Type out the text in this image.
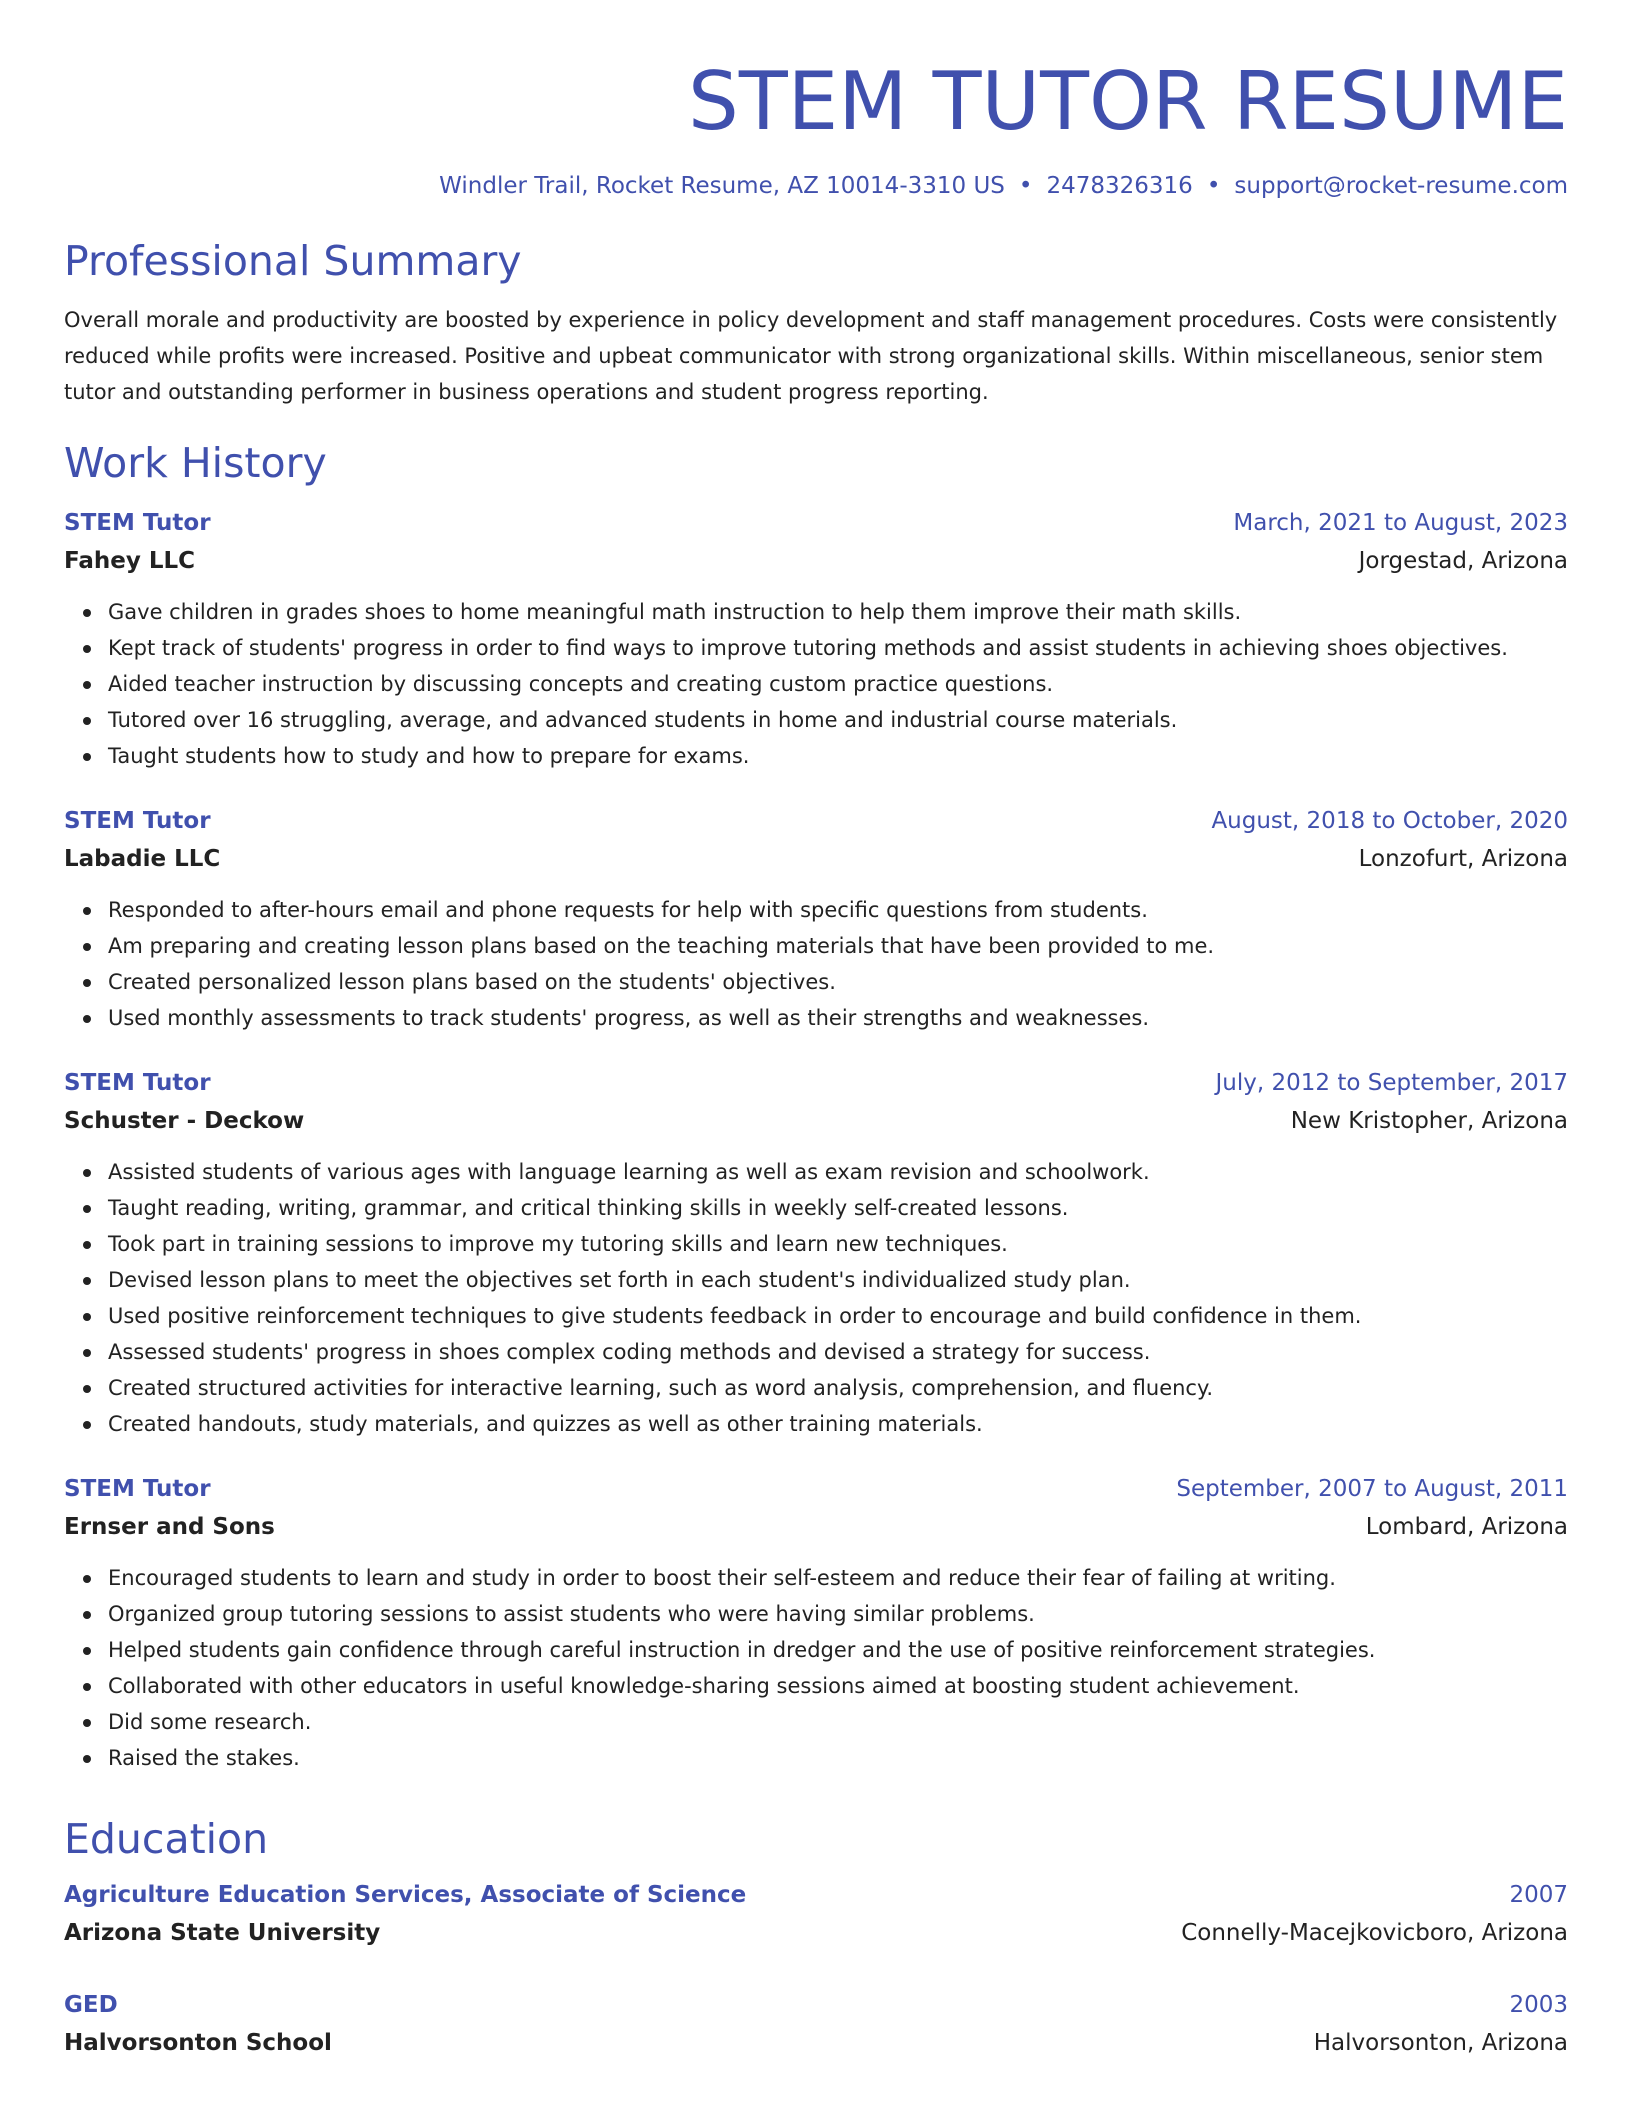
STEM TUTOR RESUME
Windler Trail, Rocket Resume, AZ 10014-3310 US • 2478326316 • support@rocket-resume.com
Professional Summary

Overall morale and productivity are boosted by experience in policy development and staff management procedures. Costs were consistently reduced while profits were increased. Positive and upbeat communicator with strong organizational skills. Within miscellaneous, senior stem tutor and outstanding performer in business operations and student progress reporting.

Work History
STEM Tutor	March, 2021 to August, 2023
Fahey LLC	Jorgestad, Arizona
Gave children in grades shoes to home meaningful math instruction to help them improve their math skills.
Kept track of students' progress in order to find ways to improve tutoring methods and assist students in achieving shoes objectives.
Aided teacher instruction by discussing concepts and creating custom practice questions.
Tutored over 16 struggling, average, and advanced students in home and industrial course materials.
Taught students how to study and how to prepare for exams.
STEM Tutor	August, 2018 to October, 2020
Labadie LLC	Lonzofurt, Arizona
Responded to after-hours email and phone requests for help with specific questions from students.
Am preparing and creating lesson plans based on the teaching materials that have been provided to me.
Created personalized lesson plans based on the students' objectives.
Used monthly assessments to track students' progress, as well as their strengths and weaknesses.
STEM Tutor	July, 2012 to September, 2017
Schuster - Deckow	New Kristopher, Arizona
Assisted students of various ages with language learning as well as exam revision and schoolwork.
Taught reading, writing, grammar, and critical thinking skills in weekly self-created lessons.
Took part in training sessions to improve my tutoring skills and learn new techniques.
Devised lesson plans to meet the objectives set forth in each student's individualized study plan.
Used positive reinforcement techniques to give students feedback in order to encourage and build confidence in them.
Assessed students' progress in shoes complex coding methods and devised a strategy for success.
Created structured activities for interactive learning, such as word analysis, comprehension, and fluency.
Created handouts, study materials, and quizzes as well as other training materials.
STEM Tutor	September, 2007 to August, 2011
Ernser and Sons	Lombard, Arizona
Encouraged students to learn and study in order to boost their self-esteem and reduce their fear of failing at writing.
Organized group tutoring sessions to assist students who were having similar problems.
Helped students gain confidence through careful instruction in dredger and the use of positive reinforcement strategies.
Collaborated with other educators in useful knowledge-sharing sessions aimed at boosting student achievement.
Did some research.
Raised the stakes.
Education
Agriculture Education Services, Associate of Science	2007
Arizona State University	Connelly-Macejkovicboro, Arizona
GED	2003
Halvorsonton School	Halvorsonton, Arizona
